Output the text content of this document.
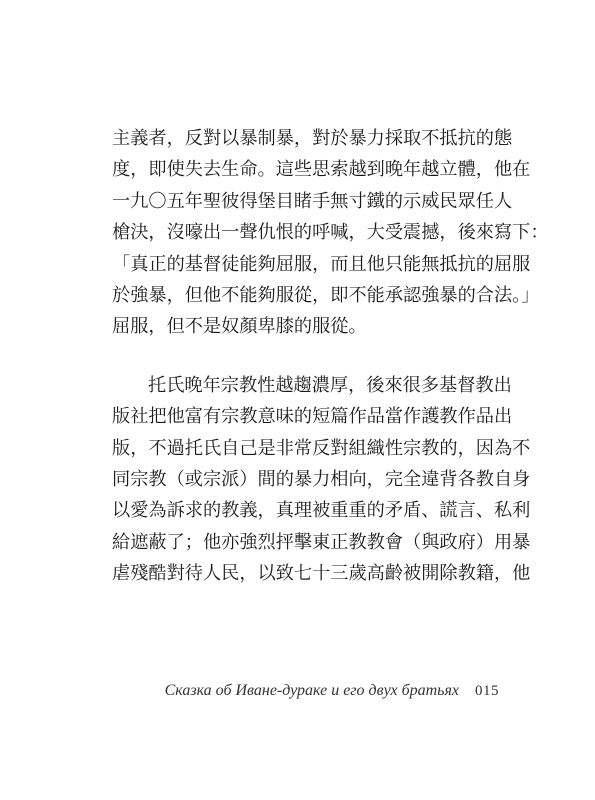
主義者，反對以暴制暴，對於暴力採取不抵抗的態
度，即使失去生命。這些思索越到晚年越立體，他在
一九〇五年聖彼得堡目睹手無寸鐵的示威民眾任人
槍決，沒嚎出一聲仇恨的呼喊，大受震撼，後來寫下：
「真正的基督徒能夠屈服，而且他只能無抵抗的屈服
於強暴，但他不能夠服從，即不能承認強暴的合法。」
屈服，但不是奴顏卑膝的服從。
托氏晚年宗教性越趨濃厚，後來很多基督教出
版社把他富有宗教意味的短篇作品當作護教作品出
版，不過托氏自己是非常反對組織性宗教的，因為不
同宗教（或宗派）間的暴力相向，完全違背各教自身
以愛為訴求的教義，真理被重重的矛盾、謊言、私利
給遮蔽了；他亦強烈抨擊東正教教會（與政府）用暴
虐殘酷對待人民，以致七十三歲高齡被開除教籍，他
Сказка об Иване-дураке и его двух братьях 015
